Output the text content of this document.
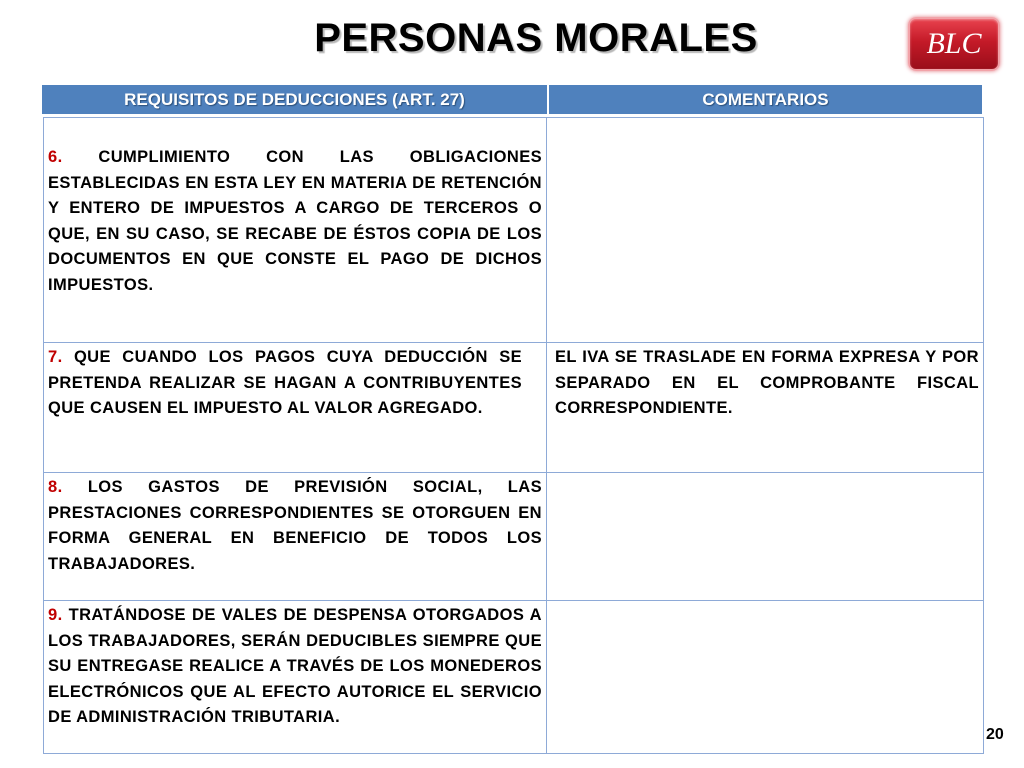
PERSONAS MORALES	BLC
REQUISITOS DE DEDUCCIONES (ART. 27)	COMENTARIOS
6. CUMPLIMIENTO CON LAS OBLIGACIONES ESTABLECIDAS EN ESTA LEY EN MATERIA DE RETENCIÓN Y ENTERO DE IMPUESTOS A CARGO DE TERCEROS O QUE, EN SU CASO, SE RECABE DE ÉSTOS COPIA DE LOS DOCUMENTOS EN QUE CONSTE EL PAGO DE DICHOS IMPUESTOS.	

7. QUE CUANDO LOS PAGOS CUYA DEDUCCIÓN SE PRETENDA REALIZAR SE HAGAN A CONTRIBUYENTES QUE CAUSEN EL IMPUESTO AL VALOR AGREGADO.	EL IVA SE TRASLADE EN FORMA EXPRESA Y POR SEPARADO EN EL COMPROBANTE FISCAL CORRESPONDIENTE.

8. LOS GASTOS DE PREVISIÓN SOCIAL, LAS PRESTACIONES CORRESPONDIENTES SE OTORGUEN EN FORMA GENERAL EN BENEFICIO DE TODOS LOS TRABAJADORES.	

9. TRATÁNDOSE DE VALES DE DESPENSA OTORGADOS A LOS TRABAJADORES, SERÁN DEDUCIBLES SIEMPRE QUE SU ENTREGASE REALICE A TRAVÉS DE LOS MONEDEROS ELECTRÓNICOS QUE AL EFECTO AUTORICE EL SERVICIO DE ADMINISTRACIÓN TRIBUTARIA.	

20
